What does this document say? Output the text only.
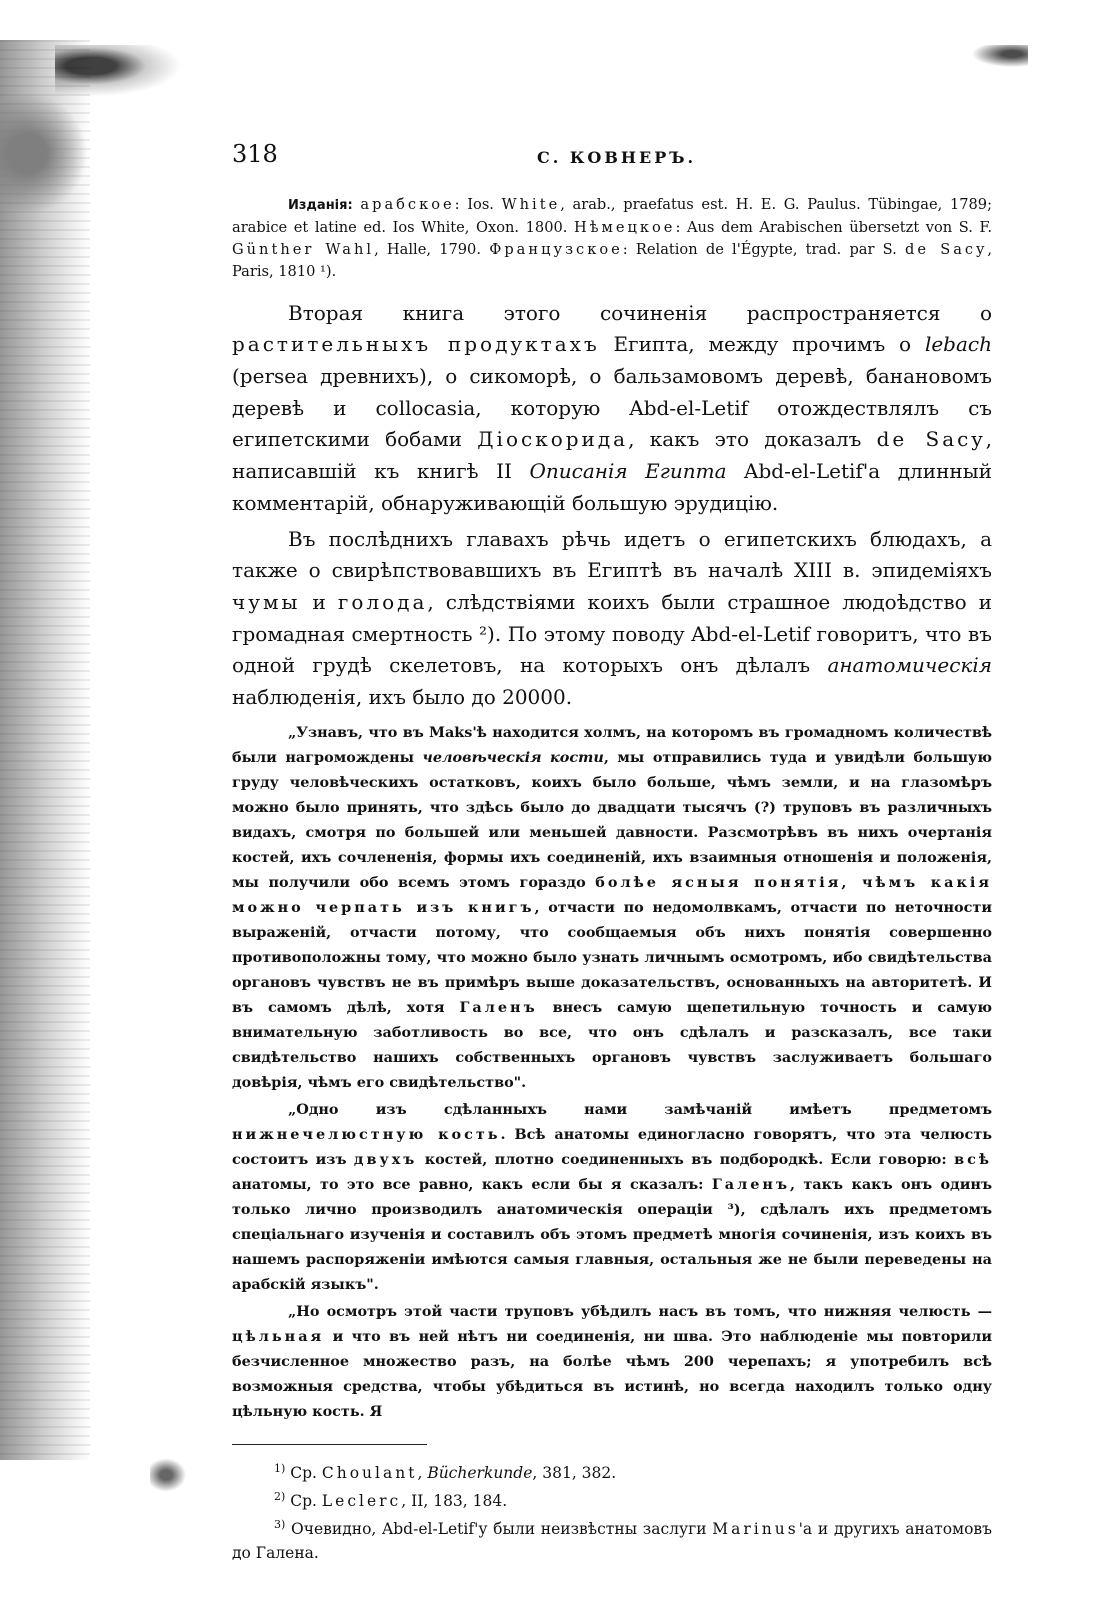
318	С. КОВНЕРЪ.

Изданія: арабское: Ios. White, arab., praefatus est. H. E. G. Paulus. Tübingae, 1789; arabice et latine ed. Ios White, Oxon. 1800. Нѣмецкое: Aus dem Arabischen übersetzt von S. F. Günther Wahl, Halle, 1790. Французское: Relation de l'Égypte, trad. par S. de Sacy, Paris, 1810 ¹).

Вторая книга этого сочиненія распространяется о растительныхъ продуктахъ Египта, между прочимъ о lebach (persea древнихъ), о сикоморѣ, о бальзамовомъ деревѣ, банановомъ деревѣ и collocasia, которую Abd-el-Letif отождествлялъ съ египетскими бобами Діоскорида, какъ это доказалъ de Sacy, написавшій къ книгѣ II Описанія Египта Abd-el-Letif'a длинный комментарій, обнаруживающій большую эрудицію.

Въ послѣднихъ главахъ рѣчь идетъ о египетскихъ блюдахъ, а также о свирѣпствовавшихъ въ Египтѣ въ началѣ XIII в. эпидеміяхъ чумы и голода, слѣдствіями коихъ были страшное людоѣдство и громадная смертность ²). По этому поводу Abd-el-Letif говоритъ, что въ одной грудѣ скелетовъ, на которыхъ онъ дѣлалъ анатомическія наблюденія, ихъ было до 20000.

„Узнавъ, что въ Maks'ѣ находится холмъ, на которомъ въ громадномъ количествѣ были нагромождены человѣческія кости, мы отправились туда и увидѣли большую груду человѣческихъ остатковъ, коихъ было больше, чѣмъ земли, и на глазомѣръ можно было принять, что здѣсь было до двадцати тысячъ (?) труповъ въ различныхъ видахъ, смотря по большей или меньшей давности. Разсмотрѣвъ въ нихъ очертанія костей, ихъ сочлененія, формы ихъ соединеній, ихъ взаимныя отношенія и положенія, мы получили обо всемъ этомъ гораздо болѣе ясныя понятія, чѣмъ какія можно черпать изъ книгъ, отчасти по недомолвкамъ, отчасти по неточности выраженій, отчасти потому, что сообщаемыя объ нихъ понятія совершенно противоположны тому, что можно было узнать личнымъ осмотромъ, ибо свидѣтельства органовъ чувствъ не въ примѣръ выше доказательствъ, основанныхъ на авторитетѣ. И въ самомъ дѣлѣ, хотя Галенъ внесъ самую щепетильную точность и самую внимательную заботливость во все, что онъ сдѣлалъ и разсказалъ, все таки свидѣтельство нашихъ собственныхъ органовъ чувствъ заслуживаетъ большаго довѣрія, чѣмъ его свидѣтельство".

„Одно изъ сдѣланныхъ нами замѣчаній имѣетъ предметомъ нижнечелюстную кость. Всѣ анатомы единогласно говорятъ, что эта челюсть состоитъ изъ двухъ костей, плотно соединенныхъ въ подбородкѣ. Если говорю: всѣ анатомы, то это все равно, какъ если бы я сказалъ: Галенъ, такъ какъ онъ одинъ только лично производилъ анатомическія операціи ³), сдѣлалъ ихъ предметомъ спеціальнаго изученія и составилъ объ этомъ предметѣ многія сочиненія, изъ коихъ въ нашемъ распоряженіи имѣются самыя главныя, остальныя же не были переведены на арабскій языкъ".

„Но осмотръ этой части труповъ убѣдилъ насъ въ томъ, что нижняя челюсть — цѣльная и что въ ней нѣтъ ни соединенія, ни шва. Это наблюденіе мы повторили безчисленное множество разъ, на болѣе чѣмъ 200 черепахъ; я употребилъ всѣ возможныя средства, чтобы убѣдиться въ истинѣ, но всегда находилъ только одну цѣльную кость. Я

$^{1)}$ Ср. Choulant, Bücherkunde, 381, 382.
$^{2)}$ Ср. Leclerc, II, 183, 184.
$^{3)}$ Очевидно, Abd-el-Letif'у были неизвѣстны заслуги Marinus'a и другихъ анатомовъ до Галена.
